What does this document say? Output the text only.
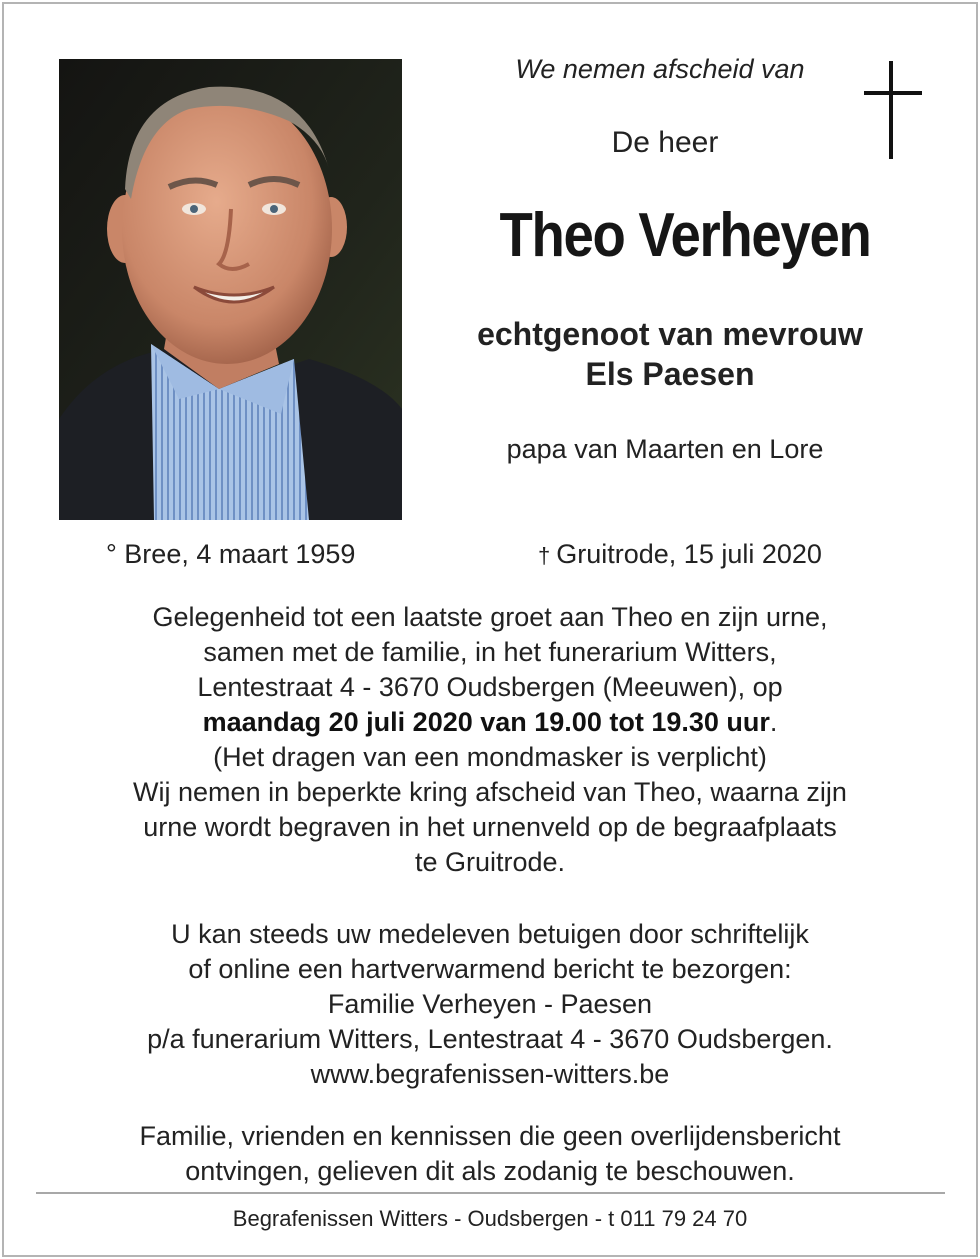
We nemen afscheid van
De heer
Theo Verheyen
echtgenoot van mevrouw
Els Paesen
papa van Maarten en Lore
° Bree, 4 maart 1959	† Gruitrode, 15 juli 2020

Gelegenheid tot een laatste groet aan Theo en zijn urne,

samen met de familie, in het funerarium Witters,

Lentestraat 4 - 3670 Oudsbergen (Meeuwen), op

maandag 20 juli 2020 van 19.00 tot 19.30 uur.

(Het dragen van een mondmasker is verplicht)

Wij nemen in beperkte kring afscheid van Theo, waarna zijn

urne wordt begraven in het urnenveld op de begraafplaats

te Gruitrode.

U kan steeds uw medeleven betuigen door schriftelijk

of online een hartverwarmend bericht te bezorgen:

Familie Verheyen - Paesen

p/a funerarium Witters, Lentestraat 4 - 3670 Oudsbergen.

www.begrafenissen-witters.be

Familie, vrienden en kennissen die geen overlijdensbericht

ontvingen, gelieven dit als zodanig te beschouwen.

Begrafenissen Witters - Oudsbergen - t 011 79 24 70
